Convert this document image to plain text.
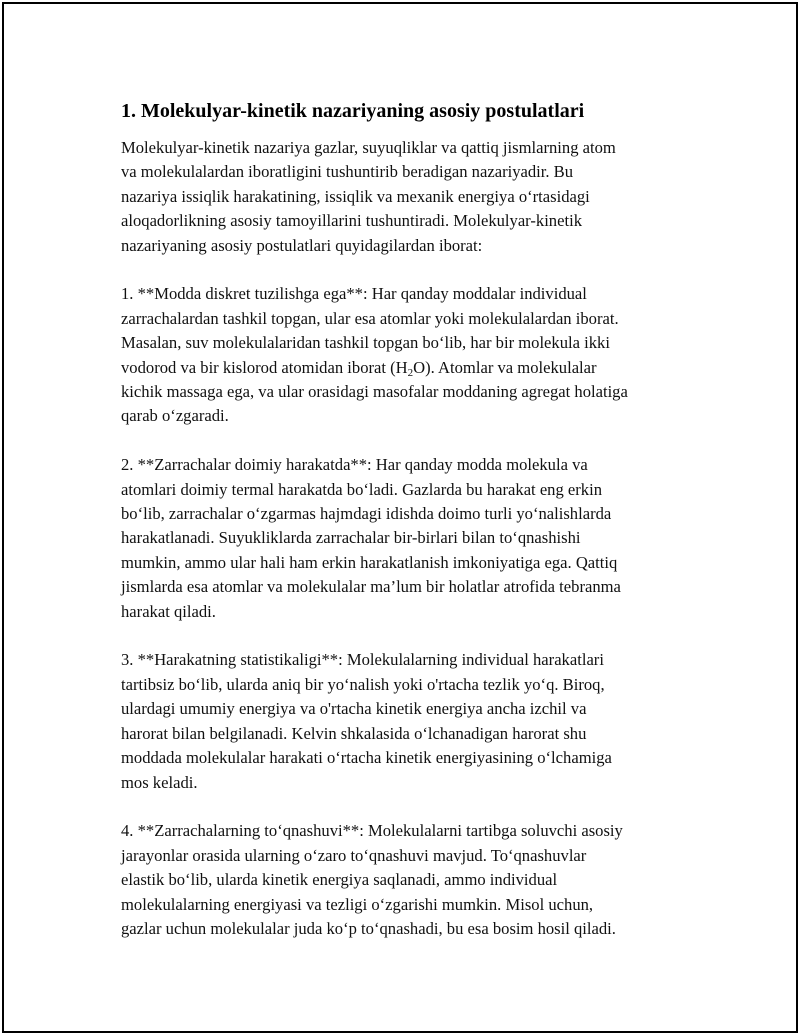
1. Molekulyar-kinetik nazariyaning asosiy postulatlari

Molekulyar-kinetik nazariya gazlar, suyuqliklar va qattiq jismlarning atom
va molekulalardan iboratligini tushuntirib beradigan nazariyadir. Bu
nazariya issiqlik harakatining, issiqlik va mexanik energiya o‘rtasidagi
aloqadorlikning asosiy tamoyillarini tushuntiradi. Molekulyar-kinetik
nazariyaning asosiy postulatlari quyidagilardan iborat:

1. **Modda diskret tuzilishga ega**: Har qanday moddalar individual
zarrachalardan tashkil topgan, ular esa atomlar yoki molekulalardan iborat.
Masalan, suv molekulalaridan tashkil topgan bo‘lib, har bir molekula ikki
vodorod va bir kislorod atomidan iborat $(H_2O)$. Atomlar va molekulalar
kichik massaga ega, va ular orasidagi masofalar moddaning agregat holatiga
qarab o‘zgaradi.

2. **Zarrachalar doimiy harakatda**: Har qanday modda molekula va
atomlari doimiy termal harakatda bo‘ladi. Gazlarda bu harakat eng erkin
bo‘lib, zarrachalar o‘zgarmas hajmdagi idishda doimo turli yo‘nalishlarda
harakatlanadi. Suyukliklarda zarrachalar bir-birlari bilan to‘qnashishi
mumkin, ammo ular hali ham erkin harakatlanish imkoniyatiga ega. Qattiq
jismlarda esa atomlar va molekulalar ma’lum bir holatlar atrofida tebranma
harakat qiladi.

3. **Harakatning statistikaligi**: Molekulalarning individual harakatlari
tartibsiz bo‘lib, ularda aniq bir yo‘nalish yoki o'rtacha tezlik yo‘q. Biroq,
ulardagi umumiy energiya va o'rtacha kinetik energiya ancha izchil va
harorat bilan belgilanadi. Kelvin shkalasida o‘lchanadigan harorat shu
moddada molekulalar harakati o‘rtacha kinetik energiyasining o‘lchamiga
mos keladi.

4. **Zarrachalarning to‘qnashuvi**: Molekulalarni tartibga soluvchi asosiy
jarayonlar orasida ularning o‘zaro to‘qnashuvi mavjud. To‘qnashuvlar
elastik bo‘lib, ularda kinetik energiya saqlanadi, ammo individual
molekulalarning energiyasi va tezligi o‘zgarishi mumkin. Misol uchun,
gazlar uchun molekulalar juda ko‘p to‘qnashadi, bu esa bosim hosil qiladi.
